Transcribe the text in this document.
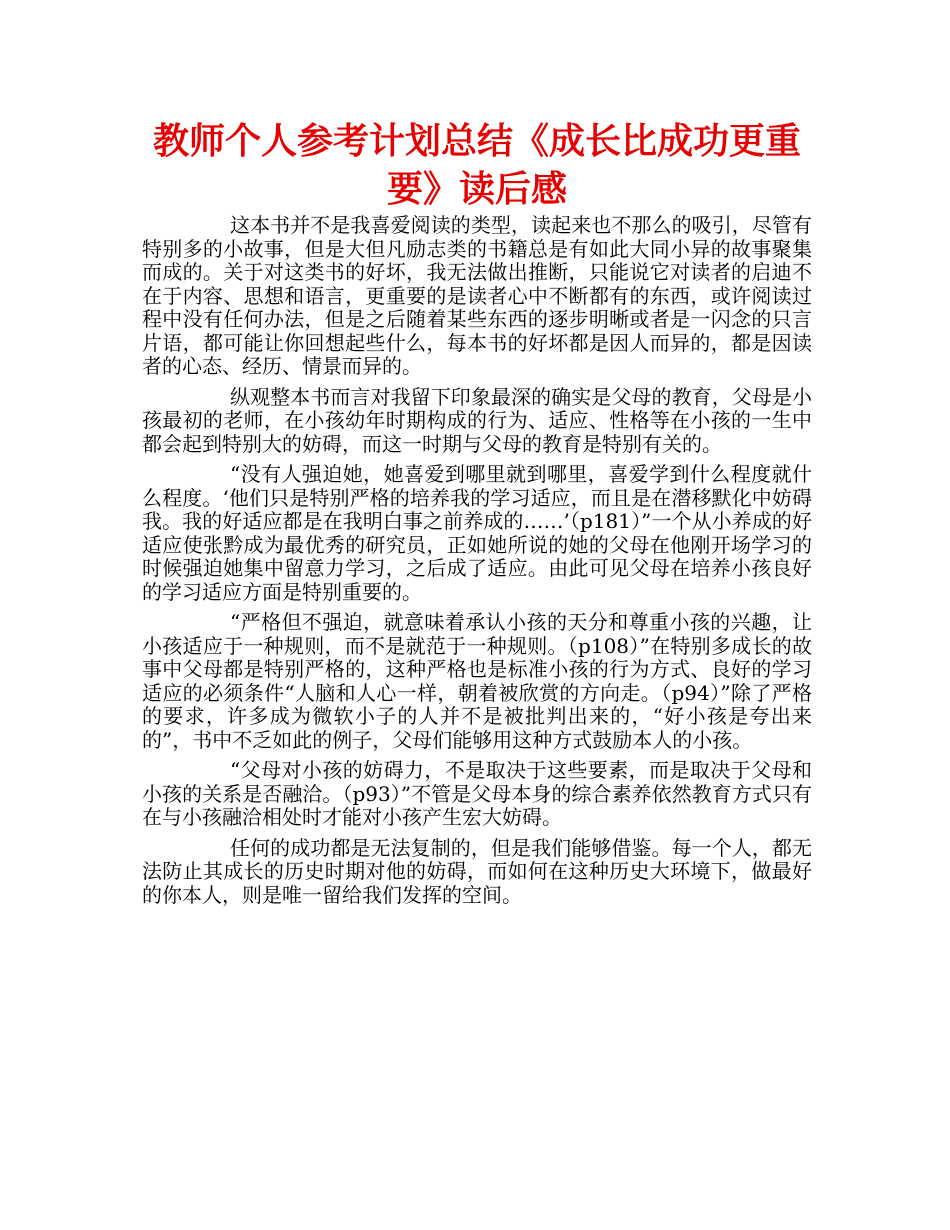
教师个人参考计划总结《成长比成功更重要》读后感

这本书并不是我喜爱阅读的类型，读起来也不那么的吸引，尽管有特别多的小故事，但是大但凡励志类的书籍总是有如此大同小异的故事聚集而成的。关于对这类书的好坏，我无法做出推断，只能说它对读者的启迪不在于内容、思想和语言，更重要的是读者心中不断都有的东西，或许阅读过程中没有任何办法，但是之后随着某些东西的逐步明晰或者是一闪念的只言片语，都可能让你回想起些什么，每本书的好坏都是因人而异的，都是因读者的心态、经历、情景而异的。

纵观整本书而言对我留下印象最深的确实是父母的教育，父母是小孩最初的老师，在小孩幼年时期构成的行为、适应、性格等在小孩的一生中都会起到特别大的妨碍，而这一时期与父母的教育是特别有关的。

“没有人强迫她，她喜爱到哪里就到哪里，喜爱学到什么程度就什么程度。‘他们只是特别严格的培养我的学习适应，而且是在潜移默化中妨碍我。我的好适应都是在我明白事之前养成的……’（p181）”一个从小养成的好适应使张黔成为最优秀的研究员，正如她所说的她的父母在他刚开场学习的时候强迫她集中留意力学习，之后成了适应。由此可见父母在培养小孩良好的学习适应方面是特别重要的。

“严格但不强迫，就意味着承认小孩的天分和尊重小孩的兴趣，让小孩适应于一种规则，而不是就范于一种规则。（p108）”在特别多成长的故事中父母都是特别严格的，这种严格也是标准小孩的行为方式、良好的学习适应的必须条件“人脑和人心一样，朝着被欣赏的方向走。（p94）”除了严格的要求，许多成为微软小子的人并不是被批判出来的，“好小孩是夸出来的”，书中不乏如此的例子，父母们能够用这种方式鼓励本人的小孩。

“父母对小孩的妨碍力，不是取决于这些要素，而是取决于父母和小孩的关系是否融洽。（p93）”不管是父母本身的综合素养依然教育方式只有在与小孩融洽相处时才能对小孩产生宏大妨碍。

任何的成功都是无法复制的，但是我们能够借鉴。每一个人，都无法防止其成长的历史时期对他的妨碍，而如何在这种历史大环境下，做最好的你本人，则是唯一留给我们发挥的空间。
